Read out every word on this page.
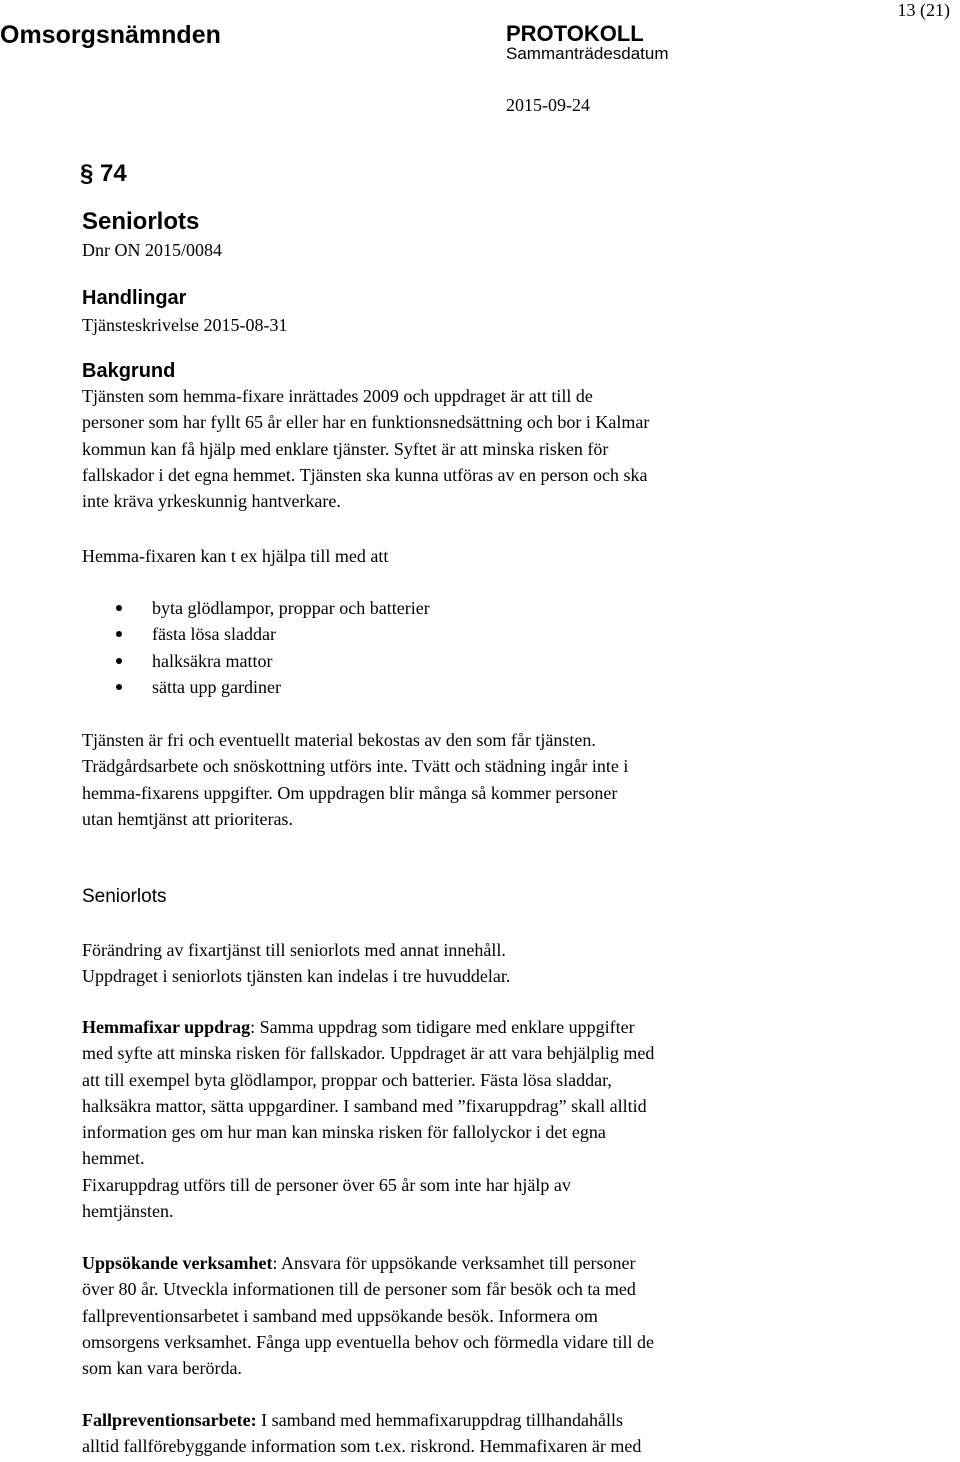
Omsorgsnämnden	PROTOKOLL
13 (21)
Sammanträdesdatum
2015-09-24
§ 74
Seniorlots
Dnr ON 2015/0084
Handlingar
Tjänsteskrivelse 2015-08-31
Bakgrund

Tjänsten som hemma-fixare inrättades 2009 och uppdraget är att till de
personer som har fyllt 65 år eller har en funktionsnedsättning och bor i Kalmar
kommun kan få hjälp med enklare tjänster. Syftet är att minska risken för
fallskador i det egna hemmet. Tjänsten ska kunna utföras av en person och ska
inte kräva yrkeskunnig hantverkare.

Hemma-fixaren kan t ex hjälpa till med att

byta glödlampor, proppar och batterier
fästa lösa sladdar
halksäkra mattor
sätta upp gardiner

Tjänsten är fri och eventuellt material bekostas av den som får tjänsten.
Trädgårdsarbete och snöskottning utförs inte. Tvätt och städning ingår inte i
hemma-fixarens uppgifter. Om uppdragen blir många så kommer personer
utan hemtjänst att prioriteras.

Seniorlots

Förändring av fixartjänst till seniorlots med annat innehåll.
Uppdraget i seniorlots tjänsten kan indelas i tre huvuddelar.

Hemmafixar uppdrag: Samma uppdrag som tidigare med enklare uppgifter
med syfte att minska risken för fallskador. Uppdraget är att vara behjälplig med
att till exempel byta glödlampor, proppar och batterier. Fästa lösa sladdar,
halksäkra mattor, sätta uppgardiner. I samband med ”fixaruppdrag” skall alltid
information ges om hur man kan minska risken för fallolyckor i det egna
hemmet.
Fixaruppdrag utförs till de personer över 65 år som inte har hjälp av
hemtjänsten.

Uppsökande verksamhet: Ansvara för uppsökande verksamhet till personer
över 80 år. Utveckla informationen till de personer som får besök och ta med
fallpreventionsarbetet i samband med uppsökande besök. Informera om
omsorgens verksamhet. Fånga upp eventuella behov och förmedla vidare till de
som kan vara berörda.

Fallpreventionsarbete: I samband med hemmafixaruppdrag tillhandahålls
alltid fallförebyggande information som t.ex. riskrond. Hemmafixaren är med
